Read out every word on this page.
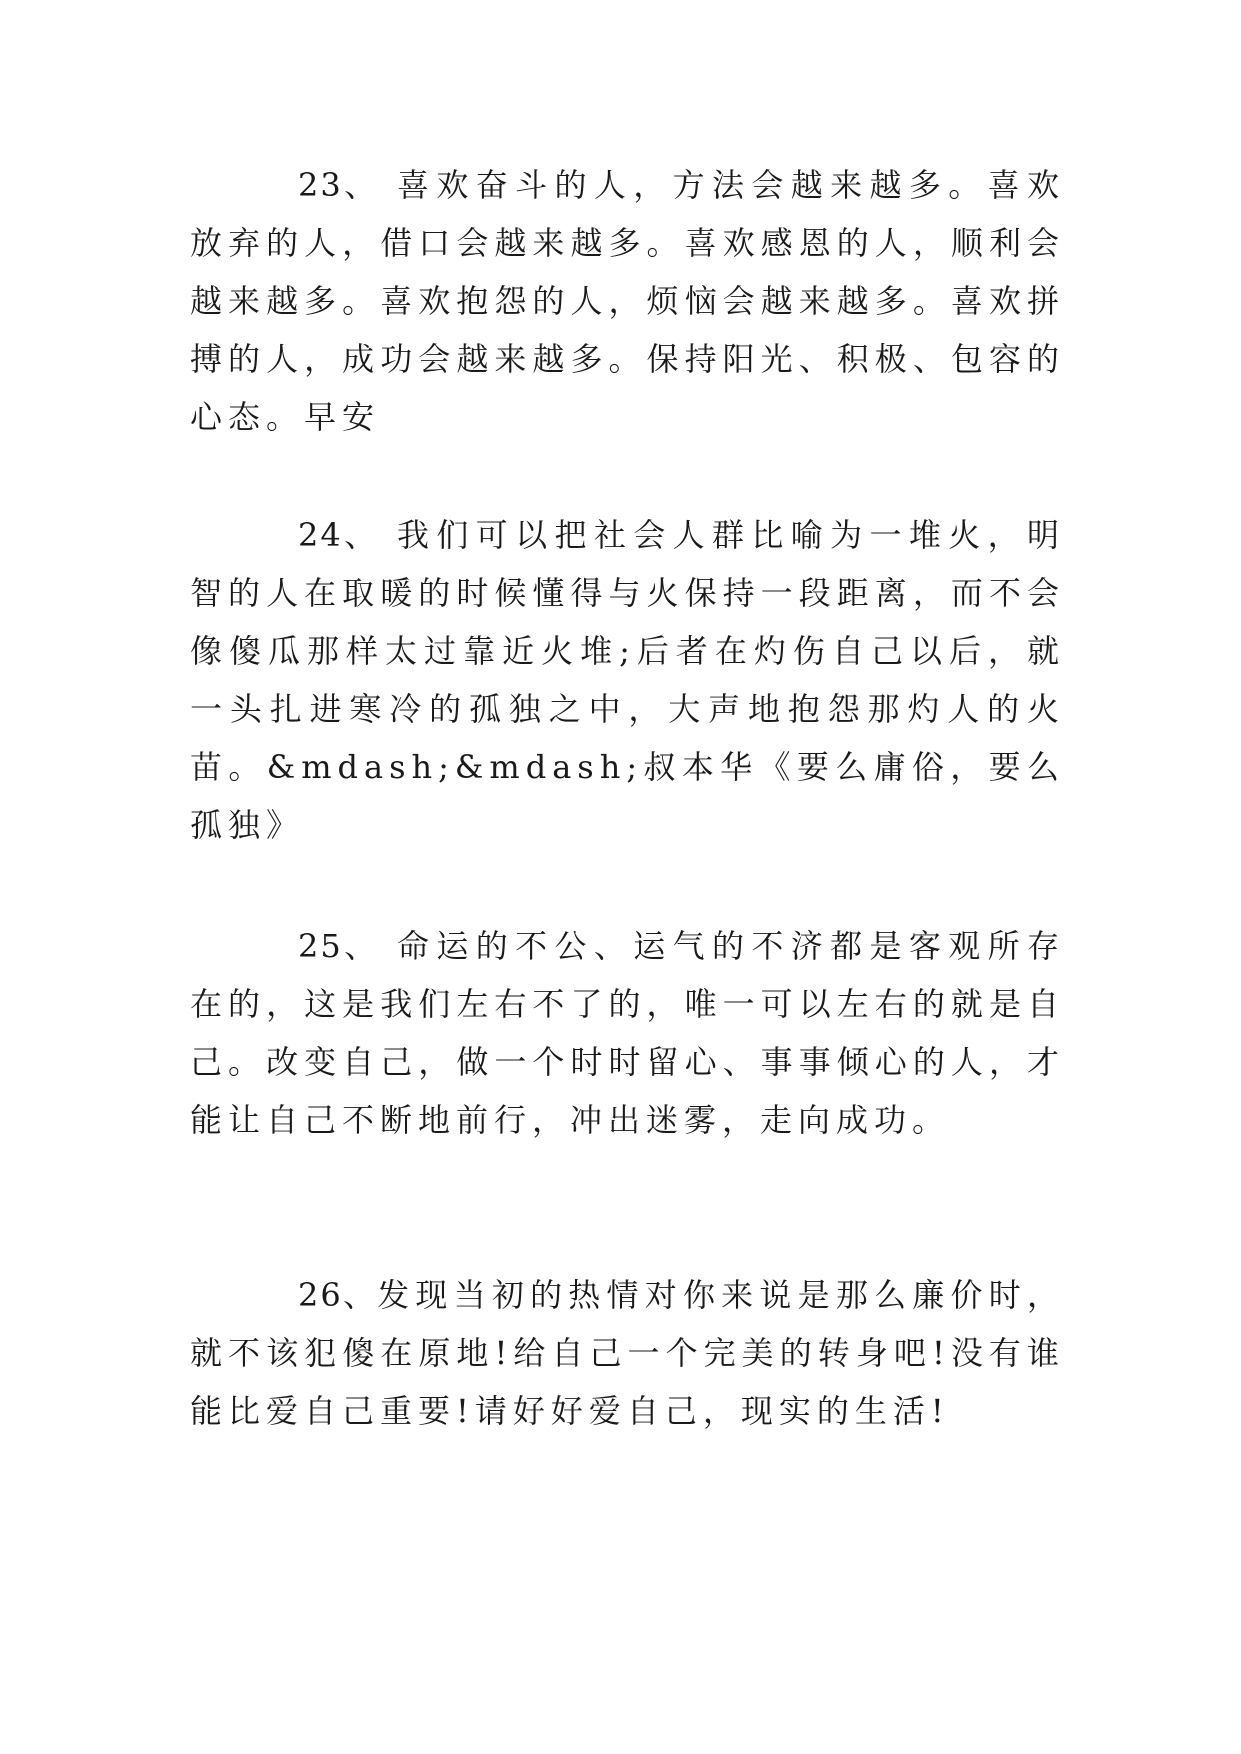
23、 喜欢奋斗的人，方法会越来越多。喜欢放弃的人，借口会越来越多。喜欢感恩的人，顺利会越来越多。喜欢抱怨的人，烦恼会越来越多。喜欢拼搏的人，成功会越来越多。保持阳光、积极、包容的心态。早安

24、 我们可以把社会人群比喻为一堆火，明智的人在取暖的时候懂得与火保持一段距离，而不会像傻瓜那样太过靠近火堆;后者在灼伤自己以后，就一头扎进寒冷的孤独之中，大声地抱怨那灼人的火苗。&mdash;&mdash;叔本华《要么庸俗，要么孤独》

25、 命运的不公、运气的不济都是客观所存在的，这是我们左右不了的，唯一可以左右的就是自己。改变自己，做一个时时留心、事事倾心的人，才能让自己不断地前行，冲出迷雾，走向成功。

26、发现当初的热情对你来说是那么廉价时，就不该犯傻在原地!给自己一个完美的转身吧!没有谁能比爱自己重要!请好好爱自己，现实的生活!
